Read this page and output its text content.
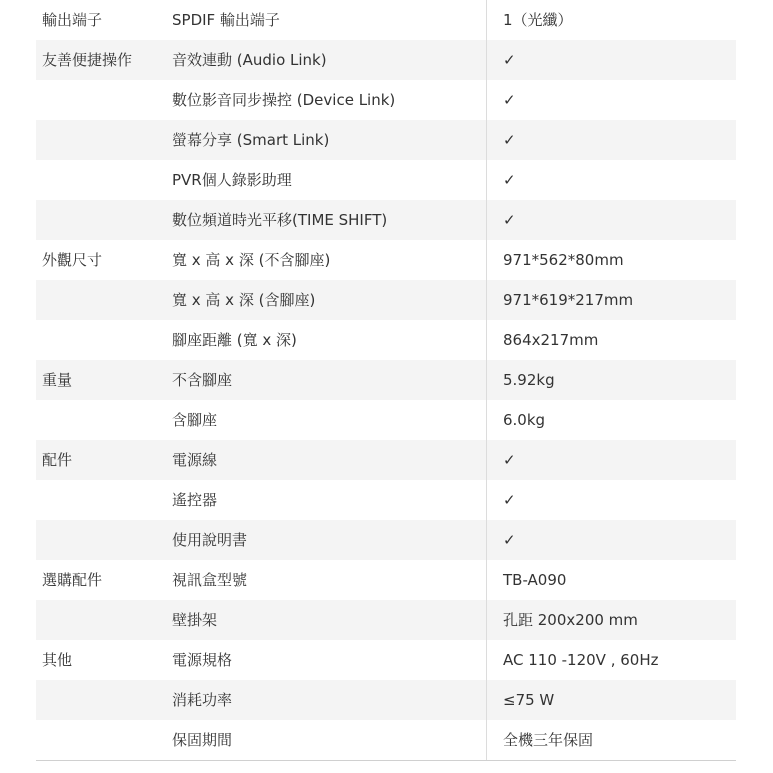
輸出端子	SPDIF 輸出端子	1（光纖）
友善便捷操作	音效連動 (Audio Link)	✓
	數位影音同步操控 (Device Link)	✓
	螢幕分享 (Smart Link)	✓
	PVR個人錄影助理	✓
	數位頻道時光平移(TIME SHIFT)	✓
外觀尺寸	寬 x 高 x 深 (不含腳座)	971*562*80mm
	寬 x 高 x 深 (含腳座)	971*619*217mm
	腳座距離 (寬 x 深)	864x217mm
重量	不含腳座	5.92kg
	含腳座	6.0kg
配件	電源線	✓
	遙控器	✓
	使用說明書	✓
選購配件	視訊盒型號	TB-A090
	壁掛架	孔距 200x200 mm
其他	電源規格	AC 110 -120V , 60Hz
	消耗功率	≤75 W
	保固期間	全機三年保固
